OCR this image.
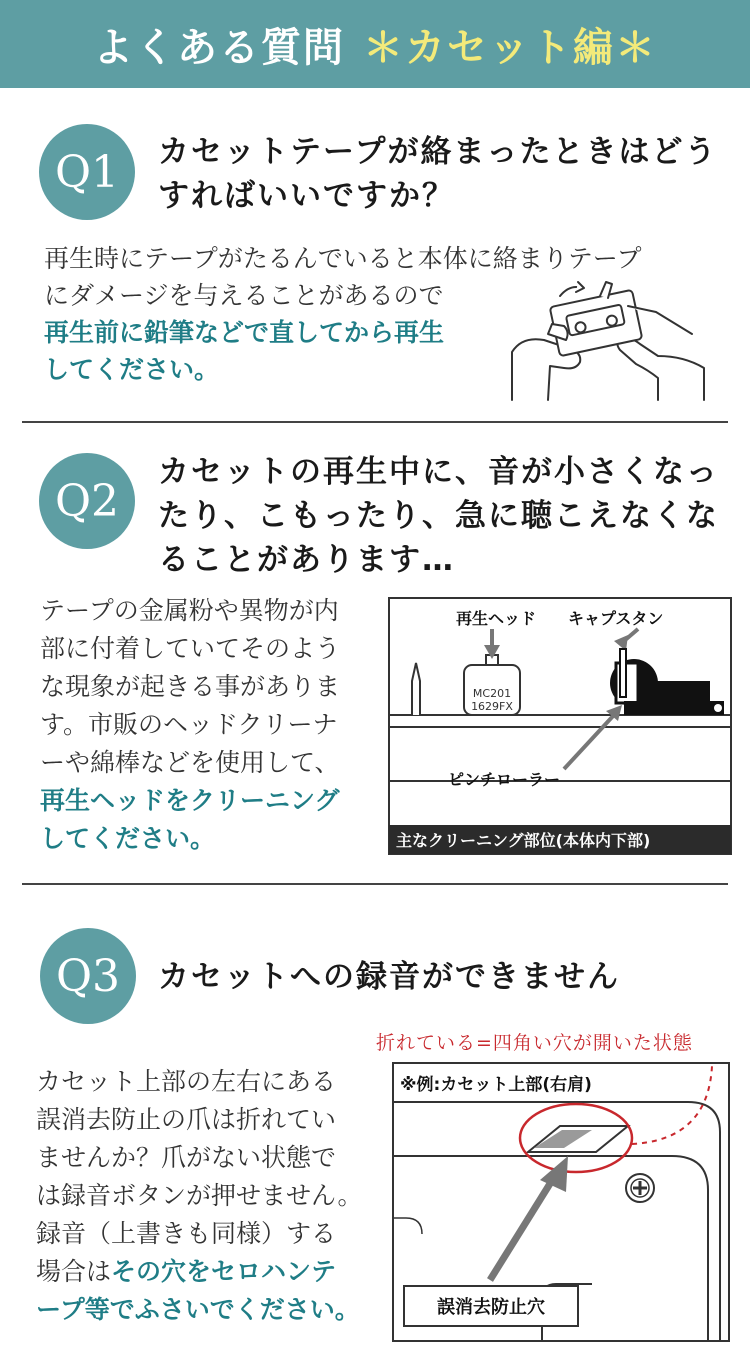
よくある質問 ＊カセット編＊
Q1	カセットテープが絡まったときはどう
すればいいですか？
再生時にテープがたるんでいると本体に絡まりテープ
にダメージを与えることがあるので
再生前に鉛筆などで直してから再生
してください。
Q2
カセットの再生中に、音が小さくなっ
たり、こもったり、急に聴こえなくな
ることがあります…
テープの金属粉や異物が内
部に付着していてそのよう
な現象が起きる事がありま
す。市販のヘッドクリーナ
ーや綿棒などを使用して、
再生ヘッドをクリーニング
してください。
MC201
1629FX
再生ヘッド キャプスタン
ピンチローラー
主なクリーニング部位(本体内下部)
Q3	カセットへの録音ができません
折れている=四角い穴が開いた状態
カセット上部の左右にある
誤消去防止の爪は折れてい
ませんか？爪がない状態で
は録音ボタンが押せません。
録音（上書きも同様）する
場合はその穴をセロハンテ
ープ等でふさいでください。
※例:カセット上部(右肩)
誤消去防止穴
